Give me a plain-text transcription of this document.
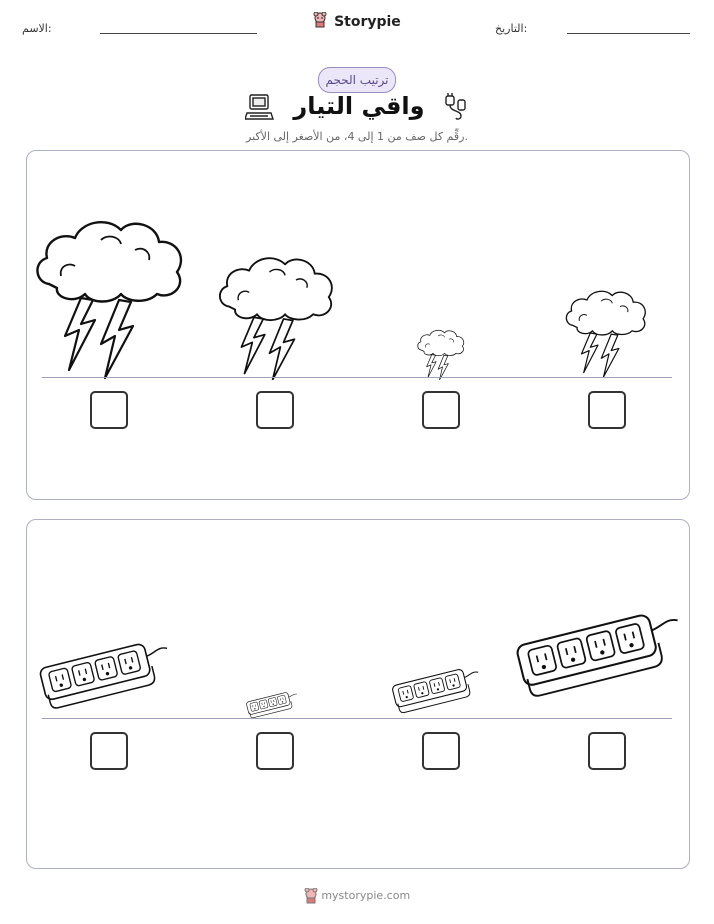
الاسم:	Storypie	التاريخ:
ترتيب الحجم
واقي التيار
رقِّم كل صف من 1 إلى 4، من الأصغر إلى الأكبر.
mystorypie.com
